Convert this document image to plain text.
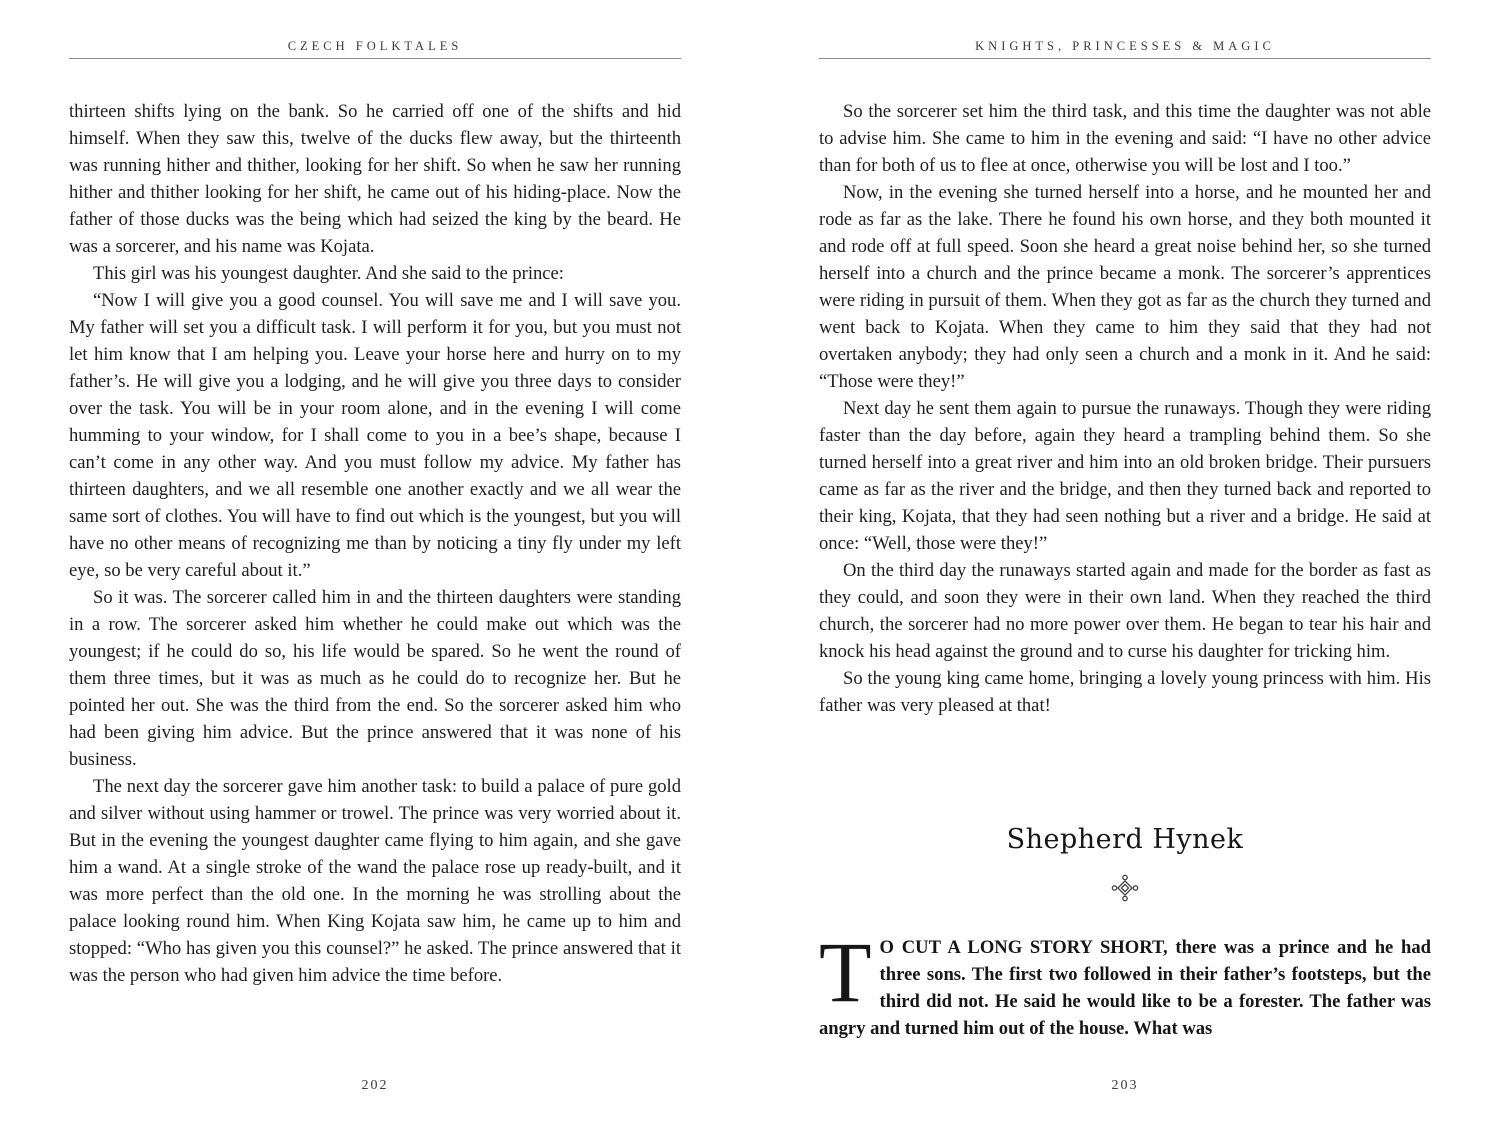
CZECH FOLKTALES

thirteen shifts lying on the bank. So he carried off one of the shifts and hid himself. When they saw this, twelve of the ducks flew away, but the thirteenth was running hither and thither, looking for her shift. So when he saw her running hither and thither looking for her shift, he came out of his hiding-place. Now the father of those ducks was the being which had seized the king by the beard. He was a sorcerer, and his name was Kojata.

This girl was his youngest daughter. And she said to the prince:

“Now I will give you a good counsel. You will save me and I will save you. My father will set you a difficult task. I will perform it for you, but you must not let him know that I am helping you. Leave your horse here and hurry on to my father’s. He will give you a lodging, and he will give you three days to consider over the task. You will be in your room alone, and in the evening I will come humming to your window, for I shall come to you in a bee’s shape, because I can’t come in any other way. And you must follow my advice. My father has thirteen daughters, and we all resemble one another exactly and we all wear the same sort of clothes. You will have to find out which is the youngest, but you will have no other means of recognizing me than by noticing a tiny fly under my left eye, so be very careful about it.”

So it was. The sorcerer called him in and the thirteen daughters were standing in a row. The sorcerer asked him whether he could make out which was the youngest; if he could do so, his life would be spared. So he went the round of them three times, but it was as much as he could do to recognize her. But he pointed her out. She was the third from the end. So the sorcerer asked him who had been giving him advice. But the prince answered that it was none of his business.

The next day the sorcerer gave him another task: to build a palace of pure gold and silver without using hammer or trowel. The prince was very worried about it. But in the evening the youngest daughter came flying to him again, and she gave him a wand. At a single stroke of the wand the palace rose up ready-built, and it was more perfect than the old one. In the morning he was strolling about the palace looking round him. When King Kojata saw him, he came up to him and stopped: “Who has given you this counsel?” he asked. The prince answered that it was the person who had given him advice the time before.

202
KNIGHTS, PRINCESSES & MAGIC

So the sorcerer set him the third task, and this time the daughter was not able to advise him. She came to him in the evening and said: “I have no other advice than for both of us to flee at once, otherwise you will be lost and I too.”

Now, in the evening she turned herself into a horse, and he mounted her and rode as far as the lake. There he found his own horse, and they both mounted it and rode off at full speed. Soon she heard a great noise behind her, so she turned herself into a church and the prince became a monk. The sorcerer’s apprentices were riding in pursuit of them. When they got as far as the church they turned and went back to Kojata. When they came to him they said that they had not overtaken anybody; they had only seen a church and a monk in it. And he said: “Those were they!”

Next day he sent them again to pursue the runaways. Though they were riding faster than the day before, again they heard a trampling behind them. So she turned herself into a great river and him into an old broken bridge. Their pursuers came as far as the river and the bridge, and then they turned back and reported to their king, Kojata, that they had seen nothing but a river and a bridge. He said at once: “Well, those were they!”

On the third day the runaways started again and made for the border as fast as they could, and soon they were in their own land. When they reached the third church, the sorcerer had no more power over them. He began to tear his hair and knock his head against the ground and to curse his daughter for tricking him.

So the young king came home, bringing a lovely young princess with him. His father was very pleased at that!

Shepherd Hynek
T O CUT A LONG STORY SHORT, there was a prince and he had three sons. The first two followed in their father’s footsteps, but the third did not. He said he would like to be a forester. The father was angry and turned him out of the house. What was
203
